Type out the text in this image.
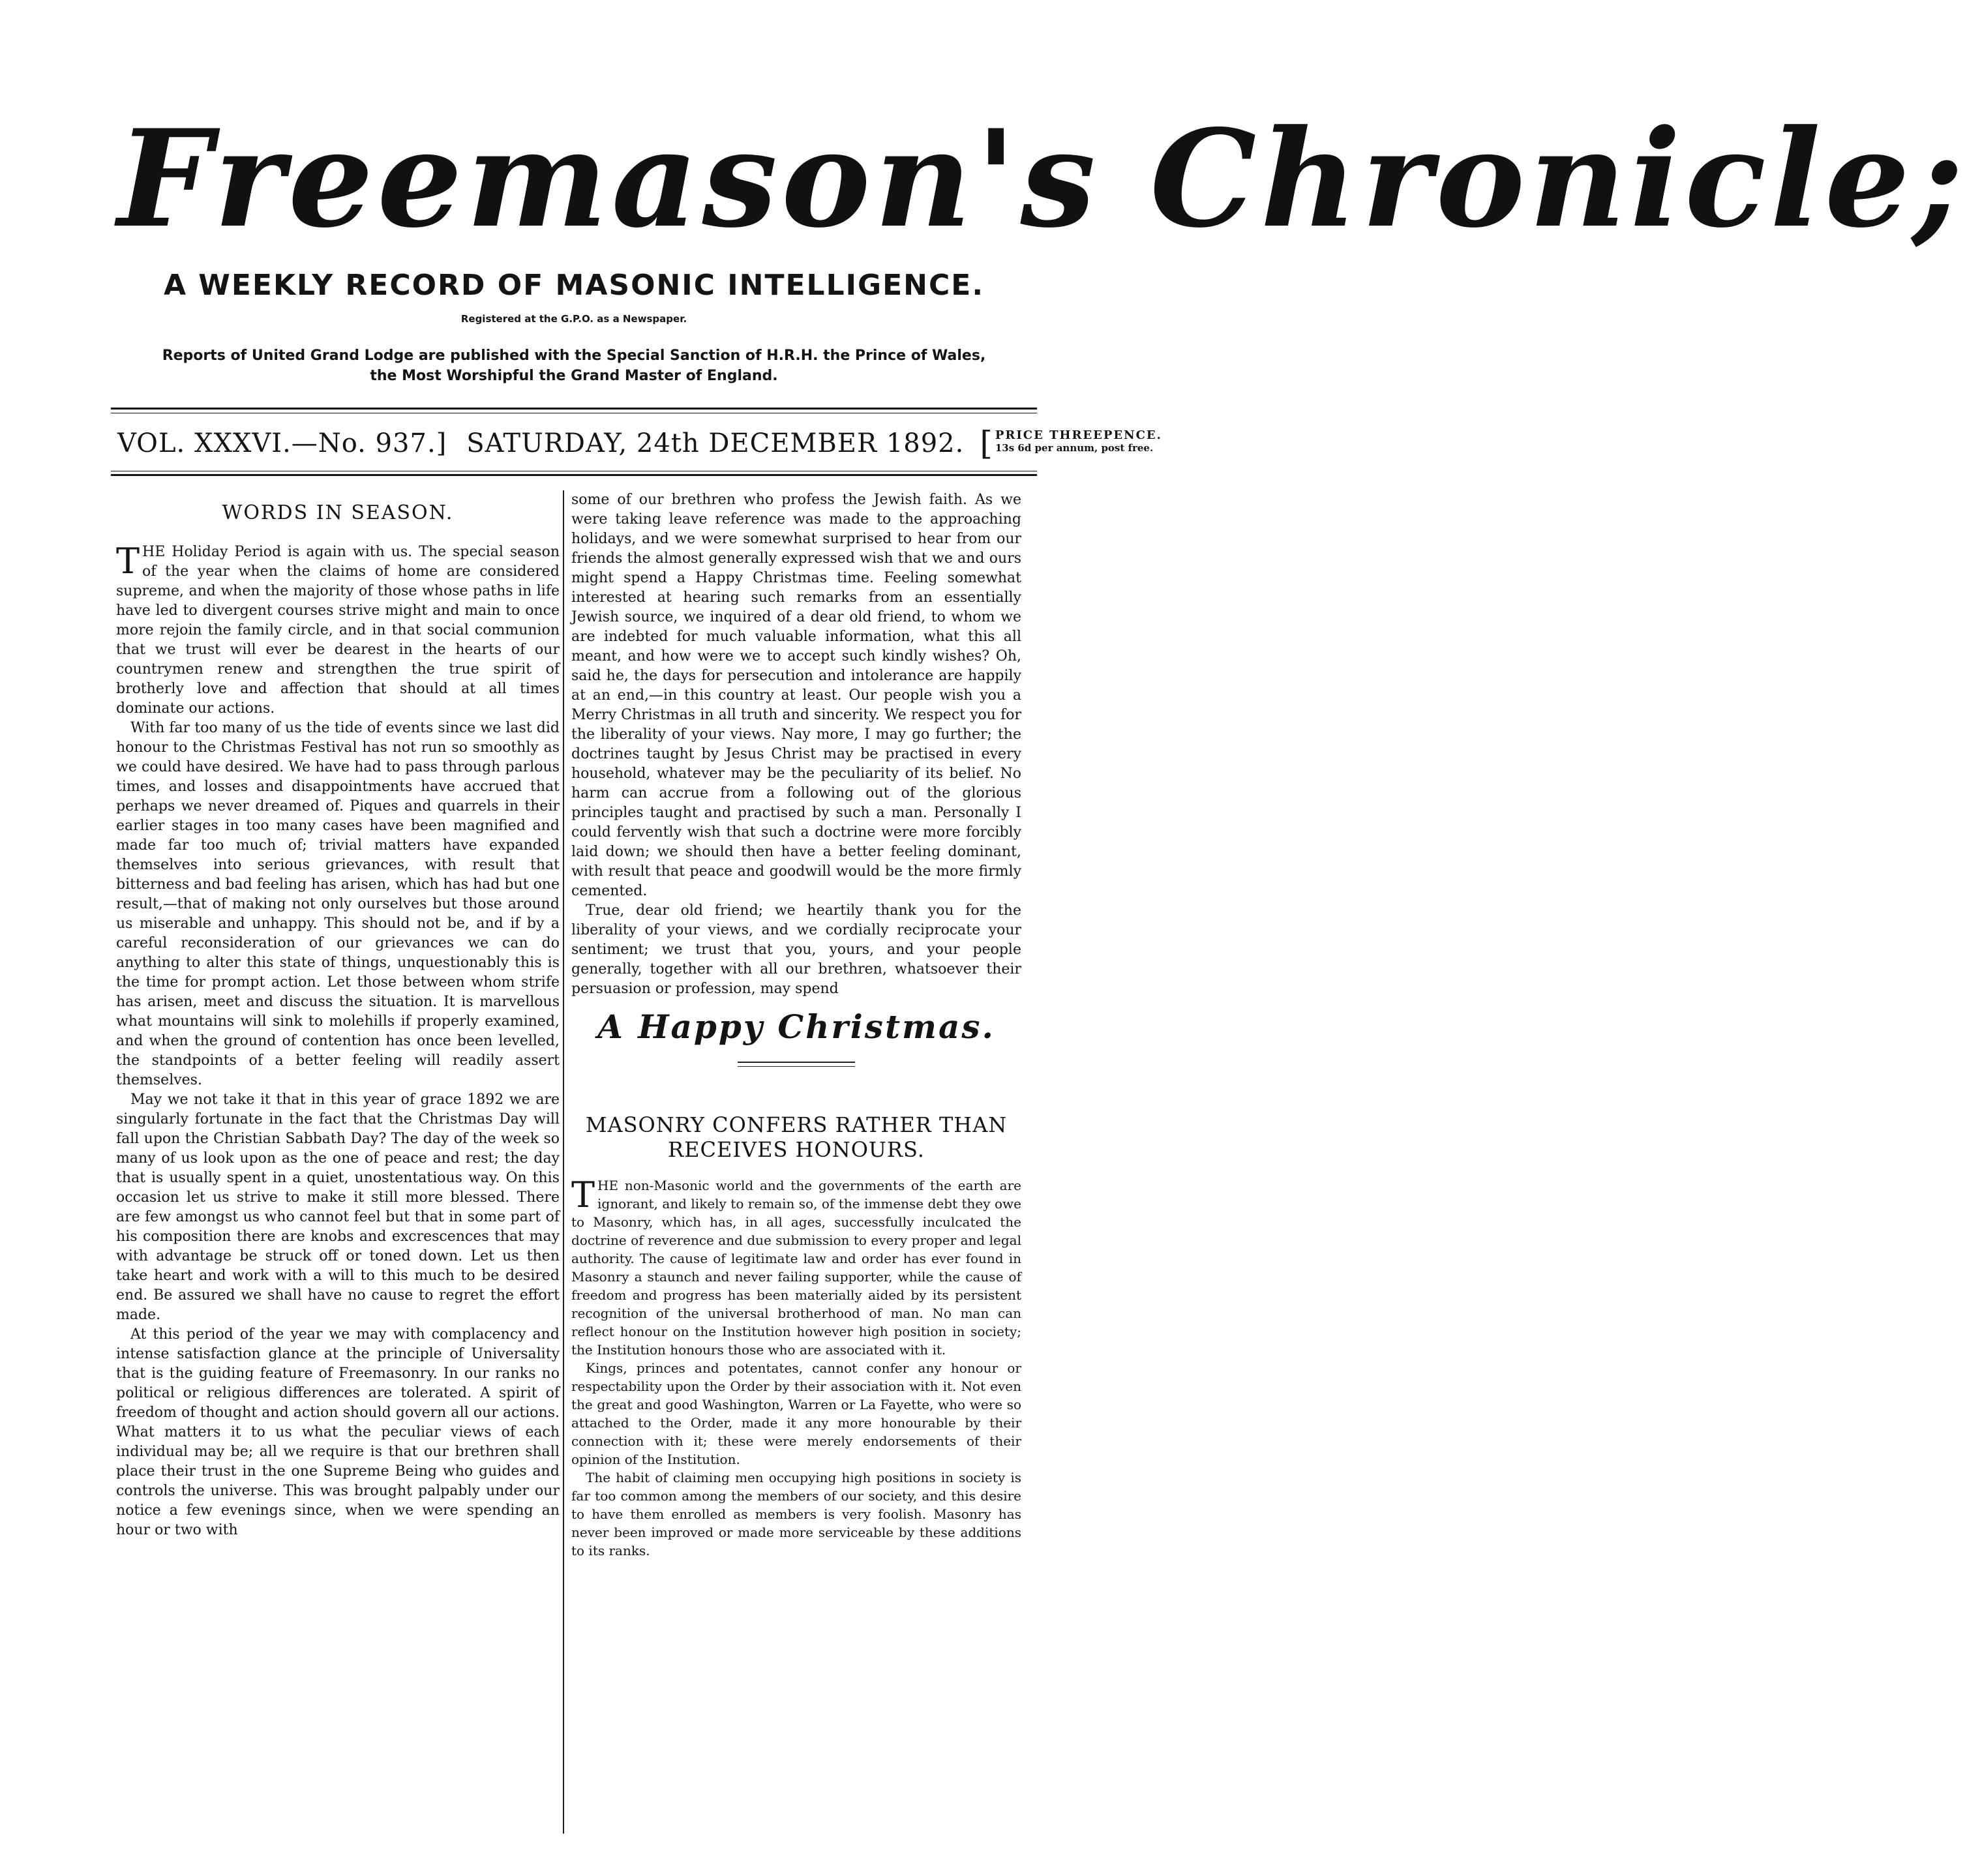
Freemason's Chronicle;
A WEEKLY RECORD OF MASONIC INTELLIGENCE.
Registered at the G.P.O. as a Newspaper.
Reports of United Grand Lodge are published with the Special Sanction of H.R.H. the Prince of Wales,
the Most Worshipful the Grand Master of England.
VOL. XXXVI.—No. 937.] SATURDAY, 24th DECEMBER 1892. [ PRICE THREEPENCE.
13s 6d per annum, post free.
WORDS IN SEASON.

THE Holiday Period is again with us. The special season of the year when the claims of home are considered supreme, and when the majority of those whose paths in life have led to divergent courses strive might and main to once more rejoin the family circle, and in that social communion that we trust will ever be dearest in the hearts of our countrymen renew and strengthen the true spirit of brotherly love and affection that should at all times dominate our actions.

With far too many of us the tide of events since we last did honour to the Christmas Festival has not run so smoothly as we could have desired. We have had to pass through parlous times, and losses and disappointments have accrued that perhaps we never dreamed of. Piques and quarrels in their earlier stages in too many cases have been magnified and made far too much of; trivial matters have expanded themselves into serious grievances, with result that bitterness and bad feeling has arisen, which has had but one result,—that of making not only ourselves but those around us miserable and unhappy. This should not be, and if by a careful reconsideration of our grievances we can do anything to alter this state of things, unquestionably this is the time for prompt action. Let those between whom strife has arisen, meet and discuss the situation. It is marvellous what mountains will sink to molehills if properly examined, and when the ground of contention has once been levelled, the standpoints of a better feeling will readily assert themselves.

May we not take it that in this year of grace 1892 we are singularly fortunate in the fact that the Christmas Day will fall upon the Christian Sabbath Day? The day of the week so many of us look upon as the one of peace and rest; the day that is usually spent in a quiet, unostentatious way. On this occasion let us strive to make it still more blessed. There are few amongst us who cannot feel but that in some part of his composition there are knobs and excrescences that may with advantage be struck off or toned down. Let us then take heart and work with a will to this much to be desired end. Be assured we shall have no cause to regret the effort made.

At this period of the year we may with complacency and intense satisfaction glance at the principle of Universality that is the guiding feature of Freemasonry. In our ranks no political or religious differences are tolerated. A spirit of freedom of thought and action should govern all our actions. What matters it to us what the peculiar views of each individual may be; all we require is that our brethren shall place their trust in the one Supreme Being who guides and controls the universe. This was brought palpably under our notice a few evenings since, when we were spending an hour or two with

some of our brethren who profess the Jewish faith. As we were taking leave reference was made to the approaching holidays, and we were somewhat surprised to hear from our friends the almost generally expressed wish that we and ours might spend a Happy Christmas time. Feeling somewhat interested at hearing such remarks from an essentially Jewish source, we inquired of a dear old friend, to whom we are indebted for much valuable information, what this all meant, and how were we to accept such kindly wishes? Oh, said he, the days for persecution and intolerance are happily at an end,—in this country at least. Our people wish you a Merry Christmas in all truth and sincerity. We respect you for the liberality of your views. Nay more, I may go further; the doctrines taught by Jesus Christ may be practised in every household, whatever may be the peculiarity of its belief. No harm can accrue from a following out of the glorious principles taught and practised by such a man. Personally I could fervently wish that such a doctrine were more forcibly laid down; we should then have a better feeling dominant, with result that peace and goodwill would be the more firmly cemented.

True, dear old friend; we heartily thank you for the liberality of your views, and we cordially reciprocate your sentiment; we trust that you, yours, and your people generally, together with all our brethren, whatsoever their persuasion or profession, may spend

A Happy Christmas.
MASONRY CONFERS RATHER THAN RECEIVES HONOURS.

THE non-Masonic world and the governments of the earth are ignorant, and likely to remain so, of the immense debt they owe to Masonry, which has, in all ages, successfully inculcated the doctrine of reverence and due submission to every proper and legal authority. The cause of legitimate law and order has ever found in Masonry a staunch and never failing supporter, while the cause of freedom and progress has been materially aided by its persistent recognition of the universal brotherhood of man. No man can reflect honour on the Institution however high position in society; the Institution honours those who are associated with it.

Kings, princes and potentates, cannot confer any honour or respectability upon the Order by their association with it. Not even the great and good Washington, Warren or La Fayette, who were so attached to the Order, made it any more honourable by their connection with it; these were merely endorsements of their opinion of the Institution.

The habit of claiming men occupying high positions in society is far too common among the members of our society, and this desire to have them enrolled as members is very foolish. Masonry has never been improved or made more serviceable by these additions to its ranks.
